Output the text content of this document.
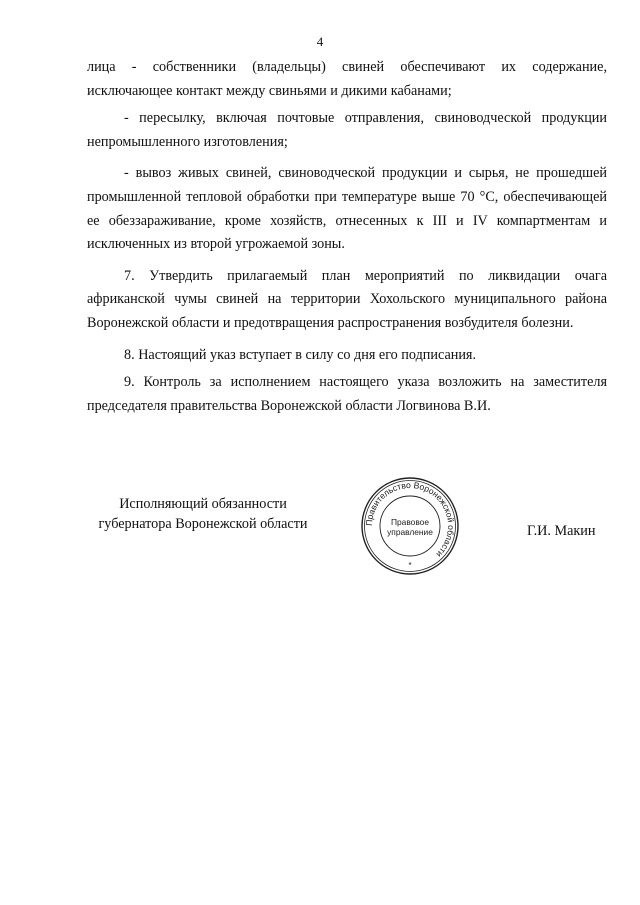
4

лица - собственники (владельцы) свиней обеспечивают их содержание, исключающее контакт между свиньями и дикими кабанами;

- пересылку, включая почтовые отправления, свиноводческой продукции непромышленного изготовления;

- вывоз живых свиней, свиноводческой продукции и сырья, не прошедшей промышленной тепловой обработки при температуре выше 70 °С, обеспечивающей ее обеззараживание, кроме хозяйств, отнесенных к III и IV компартментам и исключенных из второй угрожаемой зоны.

7. Утвердить прилагаемый план мероприятий по ликвидации очага африканской чумы свиней на территории Хохольского муниципального района Воронежской области и предотвращения распространения возбудителя болезни.

8. Настоящий указ вступает в силу со дня его подписания.

9. Контроль за исполнением настоящего указа возложить на заместителя председателя правительства Воронежской области Логвинова В.И.

Исполняющий обязанности
губернатора Воронежской области	Правительство Воронежской области
Правовое
управление
*
Г.И. Макин
